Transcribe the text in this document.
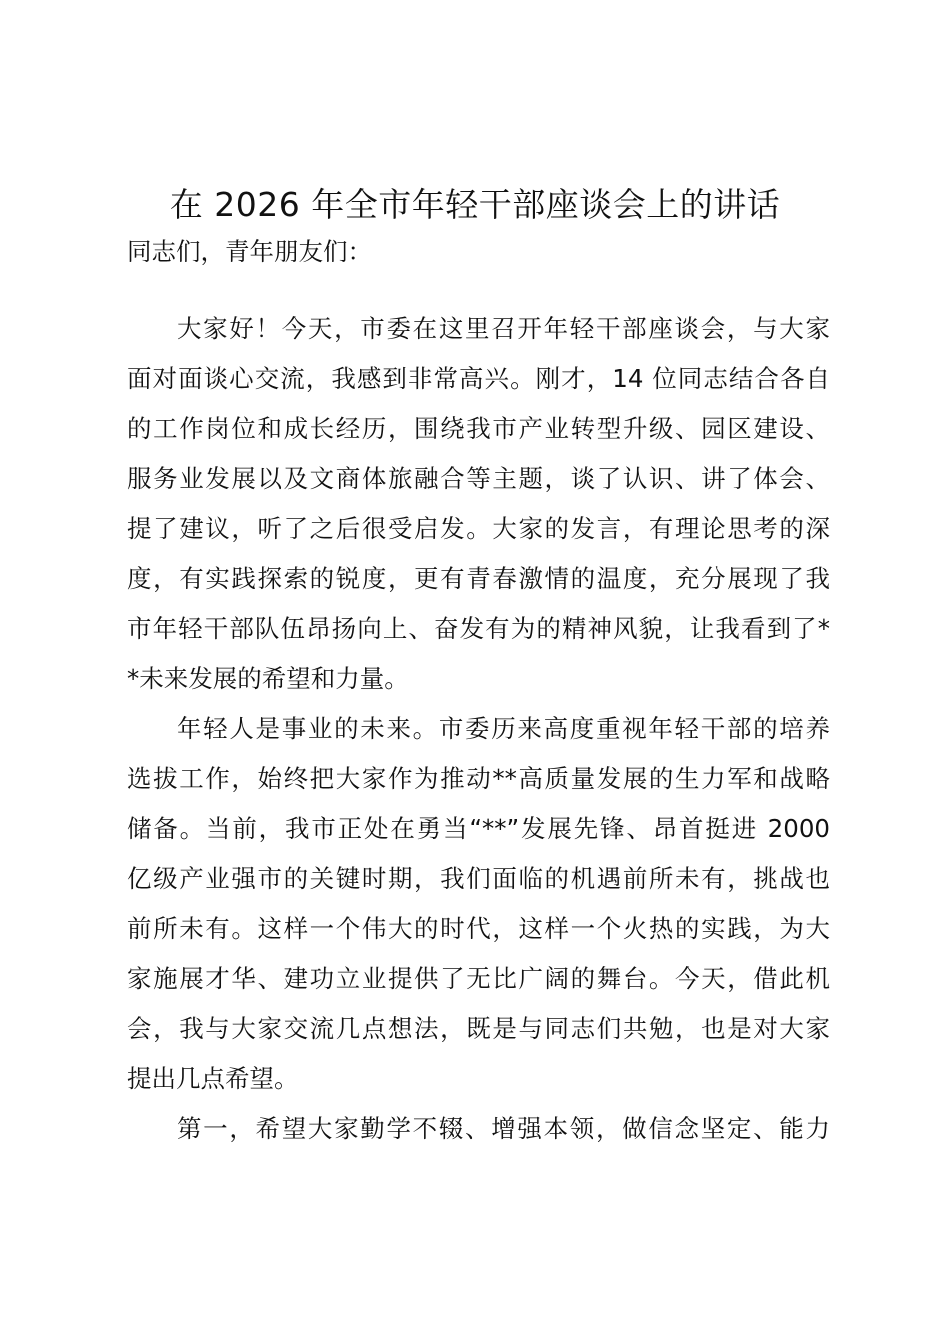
在 2026 年全市年轻干部座谈会上的讲话
同志们，青年朋友们：
大家好！今天，市委在这里召开年轻干部座谈会，与大家
面对面谈心交流，我感到非常高兴。刚才，14 位同志结合各自
的工作岗位和成长经历，围绕我市产业转型升级、园区建设、
服务业发展以及文商体旅融合等主题，谈了认识、讲了体会、
提了建议，听了之后很受启发。大家的发言，有理论思考的深
度，有实践探索的锐度，更有青春激情的温度，充分展现了我
市年轻干部队伍昂扬向上、奋发有为的精神风貌，让我看到了*
*未来发展的希望和力量。
年轻人是事业的未来。市委历来高度重视年轻干部的培养
选拔工作，始终把大家作为推动**高质量发展的生力军和战略
储备。当前，我市正处在勇当“**”发展先锋、昂首挺进 2000
亿级产业强市的关键时期，我们面临的机遇前所未有，挑战也
前所未有。这样一个伟大的时代，这样一个火热的实践，为大
家施展才华、建功立业提供了无比广阔的舞台。今天，借此机
会，我与大家交流几点想法，既是与同志们共勉，也是对大家
提出几点希望。
第一，希望大家勤学不辍、增强本领，做信念坚定、能力
